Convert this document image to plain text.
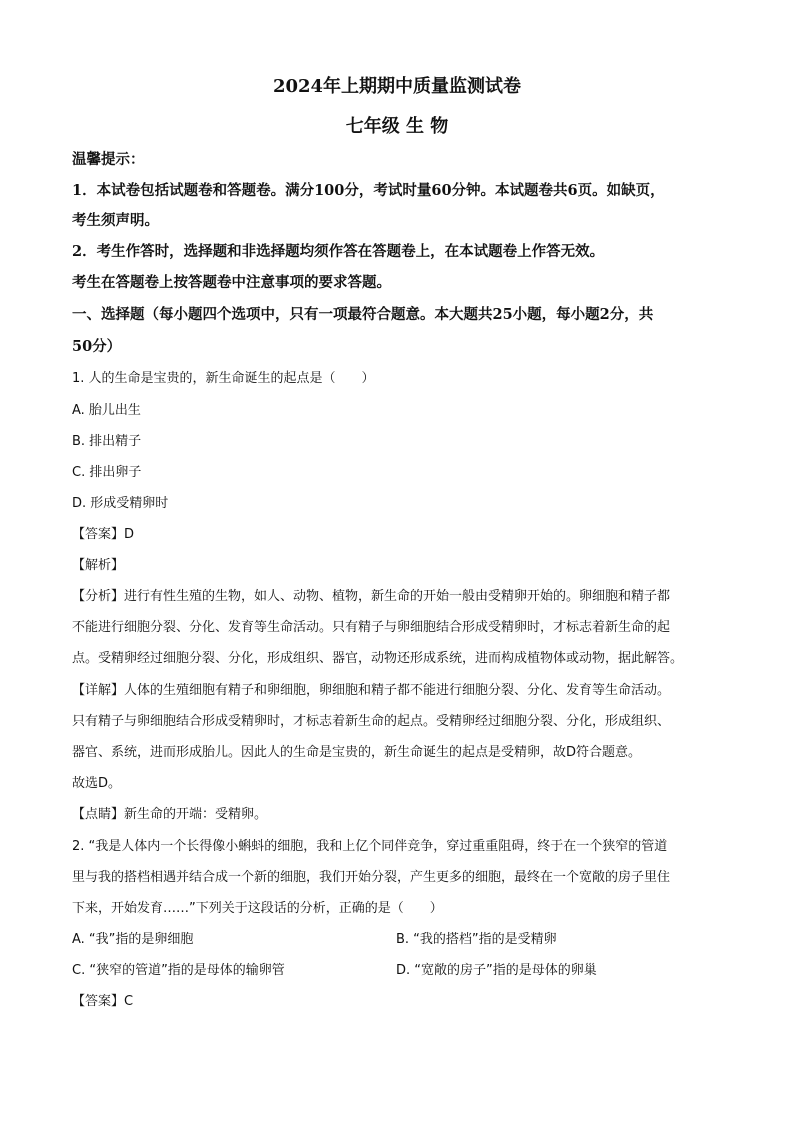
2024年上期期中质量监测试卷
七年级 生 物
温馨提示：
1．本试卷包括试题卷和答题卷。满分100分，考试时量60分钟。本试题卷共6页。如缺页，
考生须声明。
2．考生作答时，选择题和非选择题均须作答在答题卷上，在本试题卷上作答无效。
考生在答题卷上按答题卷中注意事项的要求答题。
一、选择题（每小题四个选项中，只有一项最符合题意。本大题共25小题，每小题2分，共
50分）
1. 人的生命是宝贵的，新生命诞生的起点是（　　）
A. 胎儿出生
B. 排出精子
C. 排出卵子
D. 形成受精卵时
【答案】D
【解析】
【分析】进行有性生殖的生物，如人、动物、植物，新生命的开始一般由受精卵开始的。卵细胞和精子都
不能进行细胞分裂、分化、发育等生命活动。只有精子与卵细胞结合形成受精卵时，才标志着新生命的起
点。受精卵经过细胞分裂、分化，形成组织、器官，动物还形成系统，进而构成植物体或动物，据此解答。
【详解】人体的生殖细胞有精子和卵细胞，卵细胞和精子都不能进行细胞分裂、分化、发育等生命活动。
只有精子与卵细胞结合形成受精卵时，才标志着新生命的起点。受精卵经过细胞分裂、分化，形成组织、
器官、系统，进而形成胎儿。因此人的生命是宝贵的，新生命诞生的起点是受精卵，故D符合题意。
故选D。
【点睛】新生命的开端：受精卵。
2. “我是人体内一个长得像小蝌蚪的细胞，我和上亿个同伴竞争，穿过重重阻碍，终于在一个狭窄的管道
里与我的搭档相遇并结合成一个新的细胞，我们开始分裂，产生更多的细胞，最终在一个宽敞的房子里住
下来，开始发育……”下列关于这段话的分析，正确的是（　　）
A. “我”指的是卵细胞	B. “我的搭档”指的是受精卵
C. “狭窄的管道”指的是母体的输卵管	D. “宽敞的房子”指的是母体的卵巢
【答案】C
